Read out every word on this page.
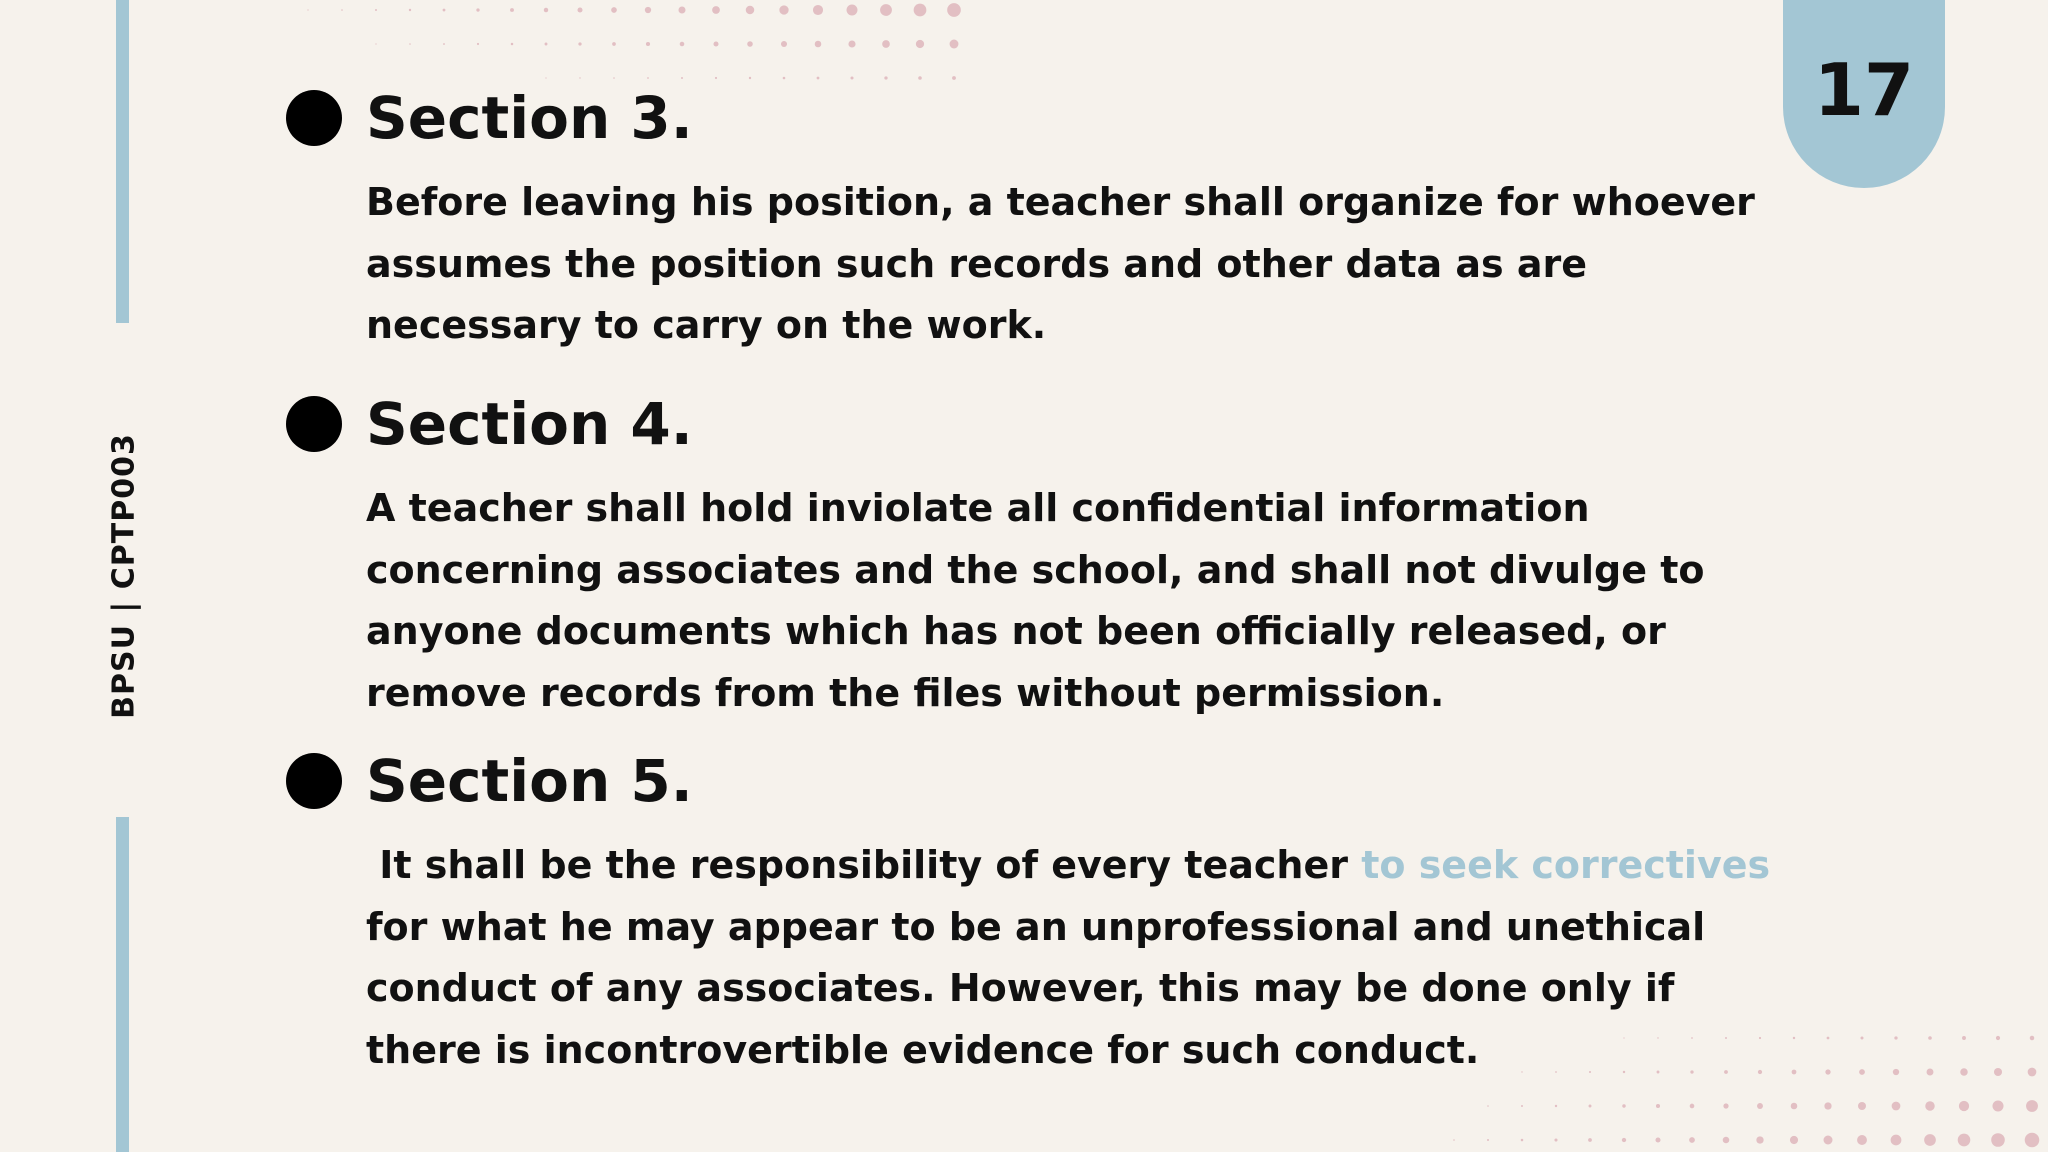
BPSU | CPTP003
17
Section 3.

Before leaving his position, a teacher shall organize for whoever assumes the position such records and other data as are necessary to carry on the work.

Section 4.

A teacher shall hold inviolate all confidential information concerning associates and the school, and shall not divulge to anyone documents which has not been officially released, or remove records from the files without permission.

Section 5.

It shall be the responsibility of every teacher to seek correctives for what he may appear to be an unprofessional and unethical conduct of any associates. However, this may be done only if there is incontrovertible evidence for such conduct.
